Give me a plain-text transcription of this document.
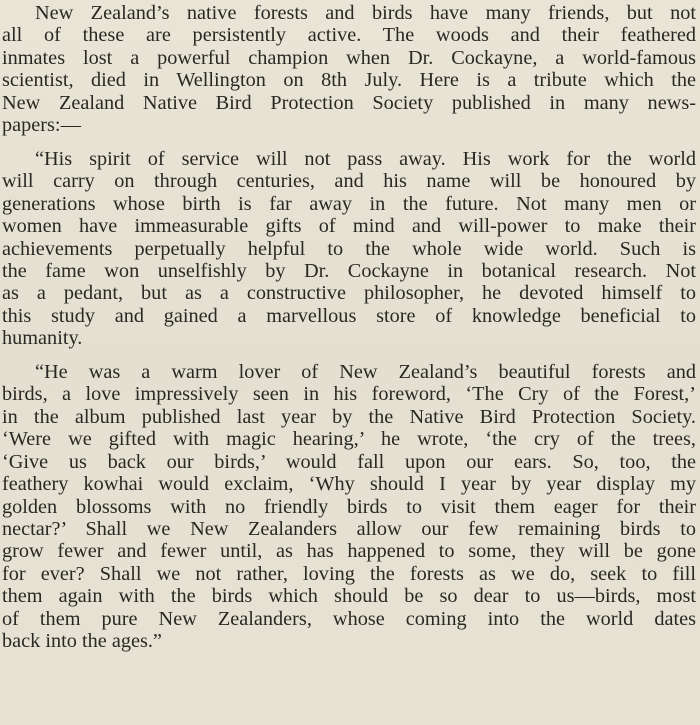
New Zealand’s native forests and birds have many friends, but not
all of these are persistently active. The woods and their feathered
inmates lost a powerful champion when Dr. Cockayne, a world-famous
scientist, died in Wellington on 8th July. Here is a tribute which the
New Zealand Native Bird Protection Society published in many news-
papers:—

“His spirit of service will not pass away. His work for the world
will carry on through centuries, and his name will be honoured by
generations whose birth is far away in the future. Not many men or
women have immeasurable gifts of mind and will-power to make their
achievements perpetually helpful to the whole wide world. Such is
the fame won unselfishly by Dr. Cockayne in botanical research. Not
as a pedant, but as a constructive philosopher, he devoted himself to
this study and gained a marvellous store of knowledge beneficial to
humanity.

“He was a warm lover of New Zealand’s beautiful forests and
birds, a love impressively seen in his foreword, ‘The Cry of the Forest,’
in the album published last year by the Native Bird Protection Society.
‘Were we gifted with magic hearing,’ he wrote, ‘the cry of the trees,
‘Give us back our birds,’ would fall upon our ears. So, too, the
feathery kowhai would exclaim, ‘Why should I year by year display my
golden blossoms with no friendly birds to visit them eager for their
nectar?’ Shall we New Zealanders allow our few remaining birds to
grow fewer and fewer until, as has happened to some, they will be gone
for ever? Shall we not rather, loving the forests as we do, seek to fill
them again with the birds which should be so dear to us—birds, most
of them pure New Zealanders, whose coming into the world dates
back into the ages.”
